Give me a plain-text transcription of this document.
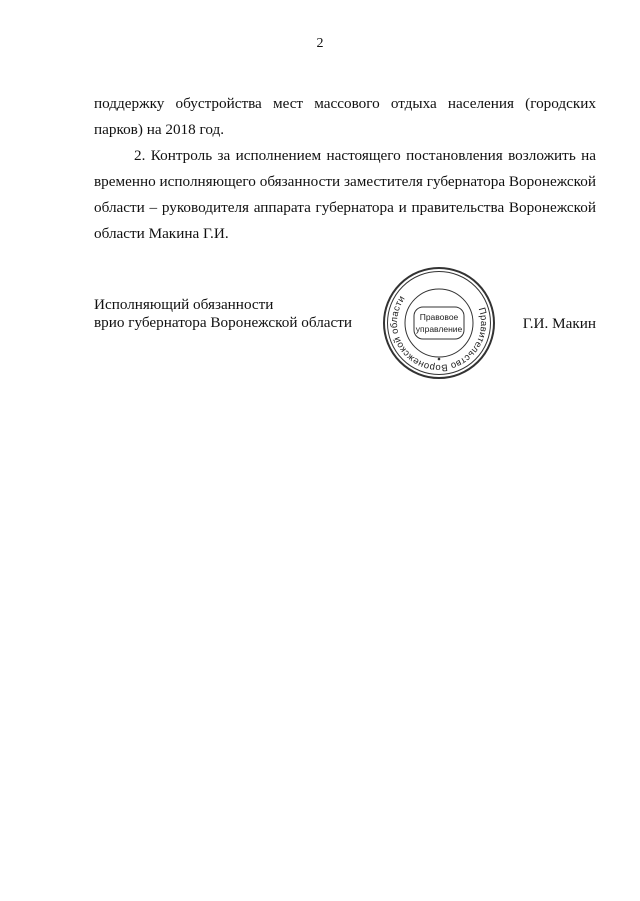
2

поддержку обустройства мест массового отдыха населения (городских парков) на 2018 год.

2. Контроль за исполнением настоящего постановления возложить на временно исполняющего обязанности заместителя губернатора Воронежской области – руководителя аппарата губернатора и правительства Воронежской области Макина Г.И.

Исполняющий обязанности
врио губернатора Воронежской области
Правительство Воронежской области
Правовое
управление	Г.И. Макин
